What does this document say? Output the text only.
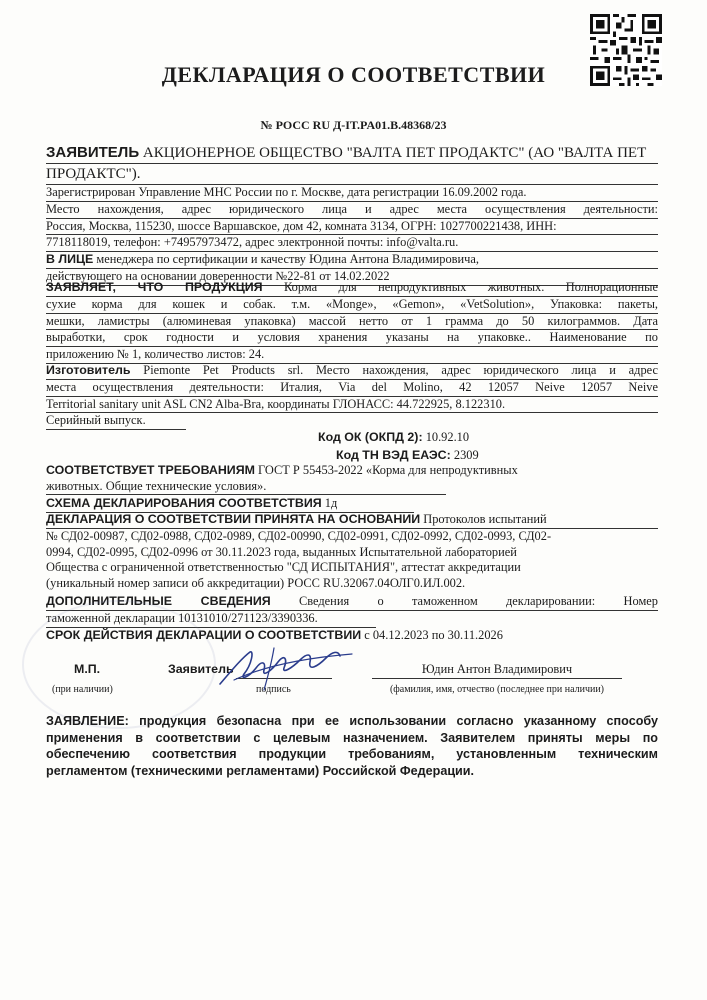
ДЕКЛАРАЦИЯ О СООТВЕТСТВИИ
№ РОСС RU Д-IT.PA01.B.48368/23
ЗАЯВИТЕЛЬ АКЦИОНЕРНОЕ ОБЩЕСТВО "ВАЛТА ПЕТ ПРОДАКТС" (АО "ВАЛТА ПЕТ
ПРОДАКТС").
Зарегистрирован Управление МНС России по г. Москве, дата регистрации 16.09.2002 года.
Место нахождения, адрес юридического лица и адрес места осуществления деятельности:
Россия, Москва, 115230, шоссе Варшавское, дом 42, комната 3134, ОГРН: 1027700221438, ИНН:
7718118019, телефон: +74957973472, адрес электронной почты: info@valta.ru.
В ЛИЦЕ менеджера по сертификации и качеству Юдина Антона Владимировича,
действующего на основании доверенности №22-81 от 14.02.2022
ЗАЯВЛЯЕТ, ЧТО ПРОДУКЦИЯ Корма для непродуктивных животных. Полнорационные
сухие корма для кошек и собак. т.м. «Monge», «Gemon», «VetSolution», Упаковка: пакеты,
мешки, ламистры (алюминевая упаковка) массой нетто от 1 грамма до 50 килограммов. Дата
выработки, срок годности и условия хранения указаны на упаковке.. Наименование по
приложению № 1, количество листов: 24.
Изготовитель Piemonte Pet Products srl. Место нахождения, адрес юридического лица и адрес
места осуществления деятельности: Италия, Via del Molino, 42 12057 Neive 12057 Neive
Territorial sanitary unit ASL CN2 Alba-Bra, координаты ГЛОНАСС: 44.722925, 8.122310.
Серийный выпуск.
Код ОК (ОКПД 2): 10.92.10
Код ТН ВЭД ЕАЭС: 2309
СООТВЕТСТВУЕТ ТРЕБОВАНИЯМ ГОСТ Р 55453-2022 «Корма для непродуктивных
животных. Общие технические условия».
СХЕМА ДЕКЛАРИРОВАНИЯ СООТВЕТСТВИЯ 1д
ДЕКЛАРАЦИЯ О СООТВЕТСТВИИ ПРИНЯТА НА ОСНОВАНИИ Протоколов испытаний
№ СД02-00987, СД02-0988, СД02-0989, СД02-00990, СД02-0991, СД02-0992, СД02-0993, СД02-
0994, СД02-0995, СД02-0996 от 30.11.2023 года, выданных Испытательной лабораторией
Общества с ограниченной ответственностью "СД ИСПЫТАНИЯ", аттестат аккредитации
(уникальный номер записи об аккредитации) РОСС RU.32067.04ОЛГ0.ИЛ.002.
ДОПОЛНИТЕЛЬНЫЕ СВЕДЕНИЯ Сведения о таможенном декларировании: Номер
таможенной декларации 10131010/271123/3390336.
СРОК ДЕЙСТВИЯ ДЕКЛАРАЦИИ О СООТВЕТСТВИИ с 04.12.2023 по 30.11.2026
М.П.
(при наличии)
Заявитель
подпись
Юдин Антон Владимирович
(фамилия, имя, отчество (последнее при наличии)
ЗАЯВЛЕНИЕ: продукция безопасна при ее использовании согласно указанному способу
применения в соответствии с целевым назначением. Заявителем приняты меры по
обеспечению соответствия продукции требованиям, установленным техническим
регламентом (техническими регламентами) Российской Федерации.
